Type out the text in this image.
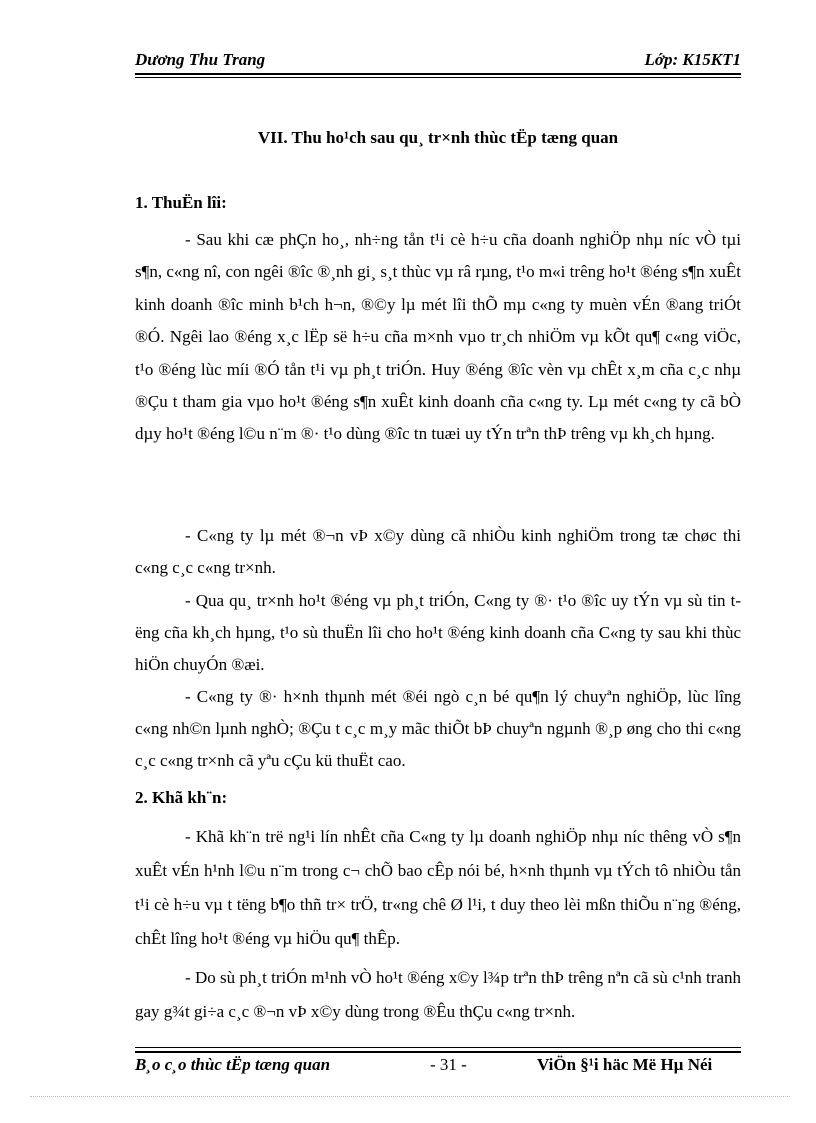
Dương Thu Trang	Lớp: K15KT1
VII. Thu ho¹ch sau qu¸ tr×nh thùc tËp tæng quan
1. ThuËn lîi:

- Sau khi cæ phÇn ho¸, nh÷ng tån t¹i cè h÷u cña doanh nghiÖp nhµ níc vÒ tµi s¶n, c«ng nî, con ngêi ®îc ®¸nh gi¸ s¸t thùc vµ râ rµng, t¹o m«i trêng ho¹t ®éng s¶n xuÊt kinh doanh ®îc minh b¹ch h¬n, ®©y lµ mét lîi thÕ mµ c«ng ty muèn vÉn ®ang triÓt ®Ó. Ngêi lao ®éng x¸c lËp së h÷u cña m×nh vµo tr¸ch nhiÖm vµ kÕt qu¶ c«ng viÖc, t¹o ®éng lùc míi ®Ó tån t¹i vµ ph¸t triÓn. Huy ®éng ®îc vèn vµ chÊt x¸m cña c¸c nhµ ®Çu t tham gia vµo ho¹t ®éng s¶n xuÊt kinh doanh cña c«ng ty. Lµ mét c«ng ty cã bÒ dµy ho¹t ®éng l©u n¨m ®· t¹o dùng ®îc tn tuæi uy tÝn trªn thÞ trêng vµ kh¸ch hµng.

- C«ng ty lµ mét ®¬n vÞ x©y dùng cã nhiÒu kinh nghiÖm trong tæ chøc thi c«ng c¸c c«ng tr×nh.

- Qua qu¸ tr×nh ho¹t ®éng vµ ph¸t triÓn, C«ng ty ®· t¹o ®îc uy tÝn vµ sù tin tëng cña kh¸ch hµng, t¹o sù thuËn lîi cho ho¹t ®éng kinh doanh cña C«ng ty sau khi thùc hiÖn chuyÓn ®æi.

- C«ng ty ®· h×nh thµnh mét ®éi ngò c¸n bé qu¶n lý chuyªn nghiÖp, lùc lîng c«ng nh©n lµnh nghÒ; ®Çu t c¸c m¸y mãc thiÕt bÞ chuyªn ngµnh ®¸p øng cho thi c«ng c¸c c«ng tr×nh cã yªu cÇu kü thuËt cao.

2. Khã kh¨n:

- Khã kh¨n trë ng¹i lín nhÊt cña C«ng ty lµ doanh nghiÖp nhµ níc thêng vÒ s¶n xuÊt vÉn h¹nh l©u n¨m trong c¬ chÕ bao cÊp nói bé, h×nh thµnh vµ tÝch tô nhiÒu tån t¹i cè h÷u vµ t tëng b¶o thñ tr× trÖ, tr«ng chê Ø l¹i, t duy theo lèi mßn thiÕu n¨ng ®éng, chÊt lîng ho¹t ®éng vµ hiÖu qu¶ thÊp.

- Do sù ph¸t triÓn m¹nh vÒ ho¹t ®éng x©y l¾p trªn thÞ trêng nªn cã sù c¹nh tranh gay g¾t gi÷a c¸c ®¬n vÞ x©y dùng trong ®Êu thÇu c«ng tr×nh.

B¸o c¸o thùc tËp tæng quan	- 31 -	ViÖn §¹i häc Më Hµ Néi
